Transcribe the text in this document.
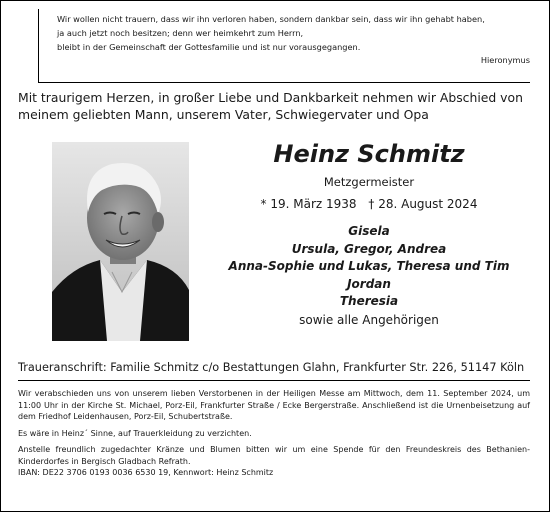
Wir wollen nicht trauern, dass wir ihn verloren haben, sondern dankbar sein, dass wir ihn gehabt haben,
ja auch jetzt noch besitzen; denn wer heimkehrt zum Herrn,
bleibt in der Gemeinschaft der Gottesfamilie und ist nur vorausgegangen.
Hieronymus
Mit traurigem Herzen, in großer Liebe und Dankbarkeit nehmen wir Abschied von meinem geliebten Mann, unserem Vater, Schwiegervater und Opa
Heinz Schmitz
Metzgermeister
* 19. März 1938 † 28. August 2024
Gisela
Ursula, Gregor, Andrea
Anna-Sophie und Lukas, Theresa und Tim
Jordan
Theresia
sowie alle Angehörigen
Traueranschrift: Familie Schmitz c/o Bestattungen Glahn, Frankfurter Str. 226, 51147 Köln

Wir verabschieden uns von unserem lieben Verstorbenen in der Heiligen Messe am Mittwoch, dem 11. September 2024, um 11:00 Uhr in der Kirche St. Michael, Porz-Eil, Frankfurter Straße / Ecke Bergerstraße. Anschließend ist die Urnenbeisetzung auf dem Friedhof Leidenhausen, Porz-Eil, Schubertstraße.

Es wäre in Heinz´ Sinne, auf Trauerkleidung zu verzichten.

Anstelle freundlich zugedachter Kränze und Blumen bitten wir um eine Spende für den Freundeskreis des Bethanien-Kinderdorfes in Bergisch Gladbach Refrath.
IBAN: DE22 3706 0193 0036 6530 19, Kennwort: Heinz Schmitz
